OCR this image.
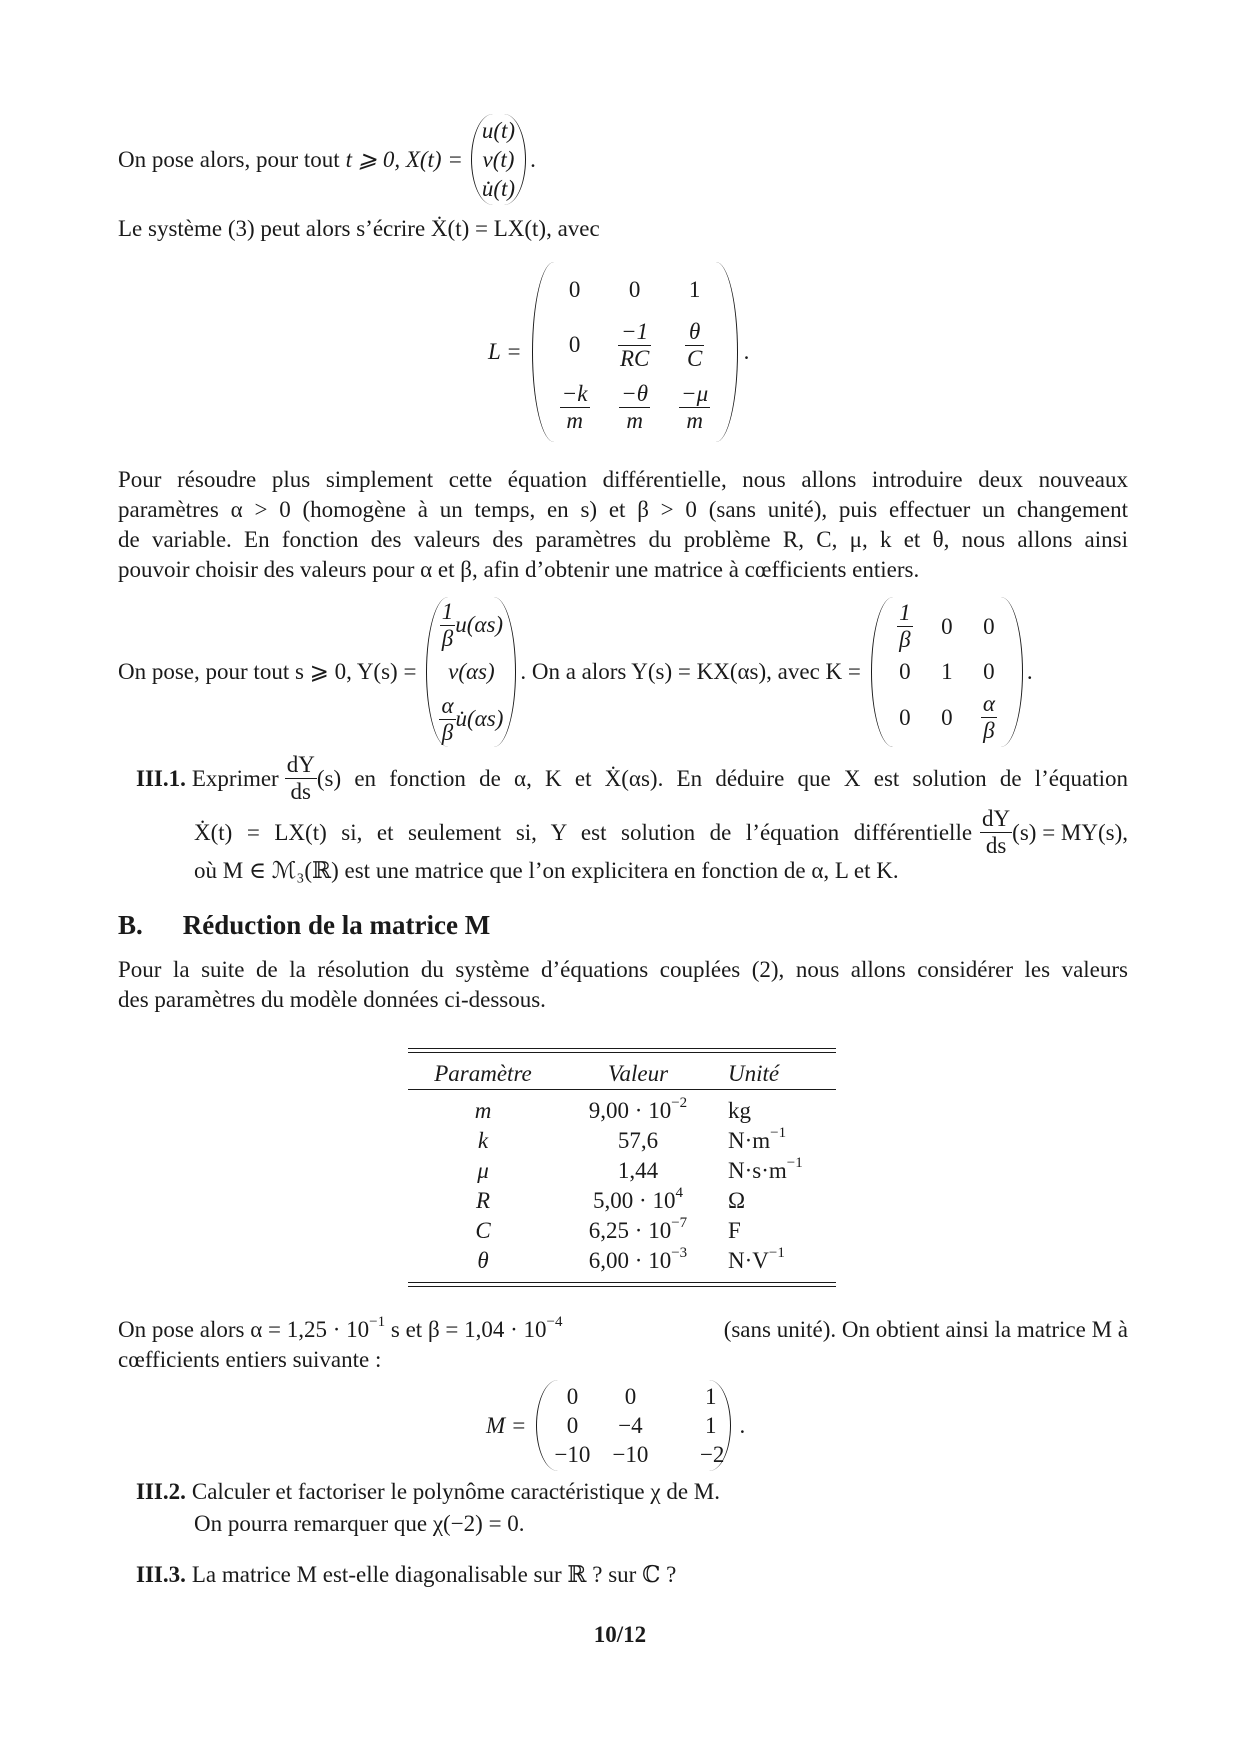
On pose alors, pour tout t ⩾ 0, X(t) =
u(t)
v(t)
u̇(t)
.
Le système (3) peut alors s’écrire Ẋ(t) = LX(t), avec
L =
0	0	1
0	$\frac{-1}{RC}$	$\frac{\theta}{C}$

$\frac{-k}{m}$	$\frac{-\theta}{m}$	$\frac{-\mu}{m}$
.
Pour résoudre plus simplement cette équation différentielle, nous allons introduire deux nouveaux
paramètres α > 0 (homogène à un temps, en s) et β > 0 (sans unité), puis effectuer un changement
de variable. En fonction des valeurs des paramètres du problème R, C, μ, k et θ, nous allons ainsi
pouvoir choisir des valeurs pour α et β, afin d’obtenir une matrice à cœfficients entiers.
On pose, pour tout s ⩾ 0, Y(s) =
$\frac{1}{\beta} u(\alpha s)$
v(αs)
$\frac{\alpha}{\beta}$ u̇(αs)
. On a alors Y(s) = KX(αs), avec K =
$\frac{1}{\beta}$	0	0
0	1	0
0	0	$\frac{\alpha}{\beta}$
.
III.1. Exprimer $\frac{dY}{ds} (s)$ en fonction de α, K et Ẋ(αs). En déduire que X est solution de l’équation
Ẋ(t) = LX(t) si, et seulement si, Y est solution de l’équation différentielle $\frac{dY}{ds} (s) = MY(s)$,
où M ∈ ℳ₃(ℝ) est une matrice que l’on explicitera en fonction de α, L et K.
B. Réduction de la matrice M
Pour la suite de la résolution du système d’équations couplées (2), nous allons considérer les valeurs
des paramètres du modèle données ci-dessous.
Paramètre	Valeur	Unité
m	$9,00 \cdot 10^{-2}$	kg
k	57,6	$N\cdot m^{-1}$
μ	1,44	$N\cdot s\cdot m^{-1}$
R	$5,00 \cdot 10^4$	Ω
C	$6,25 \cdot 10^{-7}$	F
θ	$6,00 \cdot 10^{-3}$	$N\cdot V^{-1}$
On pose alors $\alpha = 1,25 \cdot 10^{-1}$ s et $\beta = 1,04 \cdot 10^{-4}$	(sans unité). On obtient ainsi la matrice M à
cœfficients entiers suivante :
M =
0	0	1
0	−4	1
−10	−10	−2
.
III.2. Calculer et factoriser le polynôme caractéristique χ de M.
On pourra remarquer que χ(−2) = 0.
III.3. La matrice M est-elle diagonalisable sur ℝ ? sur ℂ ?
10/12
